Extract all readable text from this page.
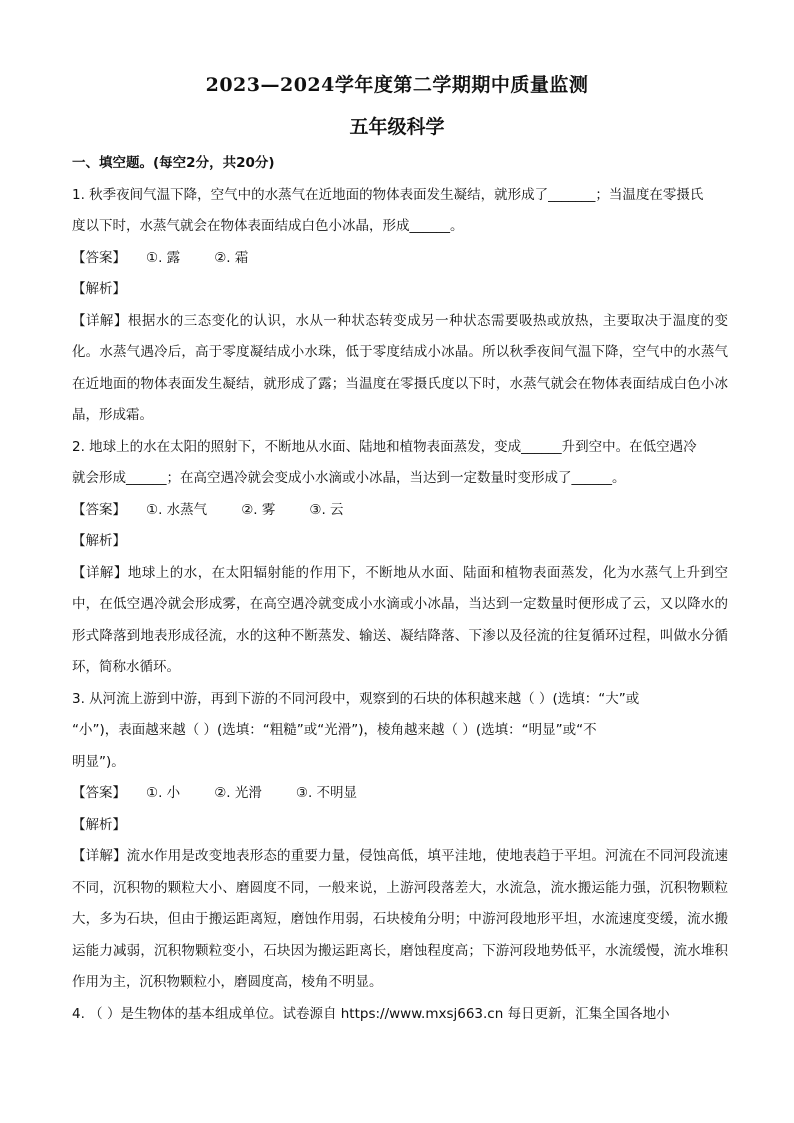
2023—2024学年度第二学期期中质量监测
五年级科学
一、填空题。(每空2分，共20分)
1. 秋季夜间气温下降，空气中的水蒸气在近地面的物体表面发生凝结，就形成了_______；当温度在零摄氏
度以下时，水蒸气就会在物体表面结成白色小冰晶，形成______。
【答案】 ①. 露	②. 霜
【解析】
【详解】根据水的三态变化的认识，水从一种状态转变成另一种状态需要吸热或放热，主要取决于温度的变化。水蒸气遇冷后，高于零度凝结成小水珠，低于零度结成小冰晶。所以秋季夜间气温下降，空气中的水蒸气在近地面的物体表面发生凝结，就形成了露；当温度在零摄氏度以下时，水蒸气就会在物体表面结成白色小冰晶，形成霜。
2. 地球上的水在太阳的照射下，不断地从水面、陆地和植物表面蒸发，变成______升到空中。在低空遇冷
就会形成______；在高空遇冷就会变成小水滴或小冰晶，当达到一定数量时变形成了______。
【答案】 ①. 水蒸气	②. 雾	③. 云
【解析】
【详解】地球上的水，在太阳辐射能的作用下，不断地从水面、陆面和植物表面蒸发，化为水蒸气上升到空中，在低空遇冷就会形成雾，在高空遇冷就变成小水滴或小冰晶，当达到一定数量时便形成了云，又以降水的形式降落到地表形成径流，水的这种不断蒸发、输送、凝结降落、下渗以及径流的往复循环过程，叫做水分循环，简称水循环。
3. 从河流上游到中游，再到下游的不同河段中，观察到的石块的体积越来越（ ）(选填：“大”或
“小”)，表面越来越（ ）(选填：“粗糙”或“光滑”)，棱角越来越（ ）(选填：“明显”或“不
明显”)。
【答案】 ①. 小	②. 光滑	③. 不明显
【解析】
【详解】流水作用是改变地表形态的重要力量，侵蚀高低，填平洼地，使地表趋于平坦。河流在不同河段流速不同，沉积物的颗粒大小、磨圆度不同，一般来说，上游河段落差大，水流急，流水搬运能力强，沉积物颗粒大，多为石块，但由于搬运距离短，磨蚀作用弱，石块棱角分明；中游河段地形平坦，水流速度变缓，流水搬运能力减弱，沉积物颗粒变小，石块因为搬运距离长，磨蚀程度高；下游河段地势低平，水流缓慢，流水堆积作用为主，沉积物颗粒小，磨圆度高，棱角不明显。
4. （ ）是生物体的基本组成单位。试卷源自 https://www.mxsj663.cn 每日更新，汇集全国各地小
